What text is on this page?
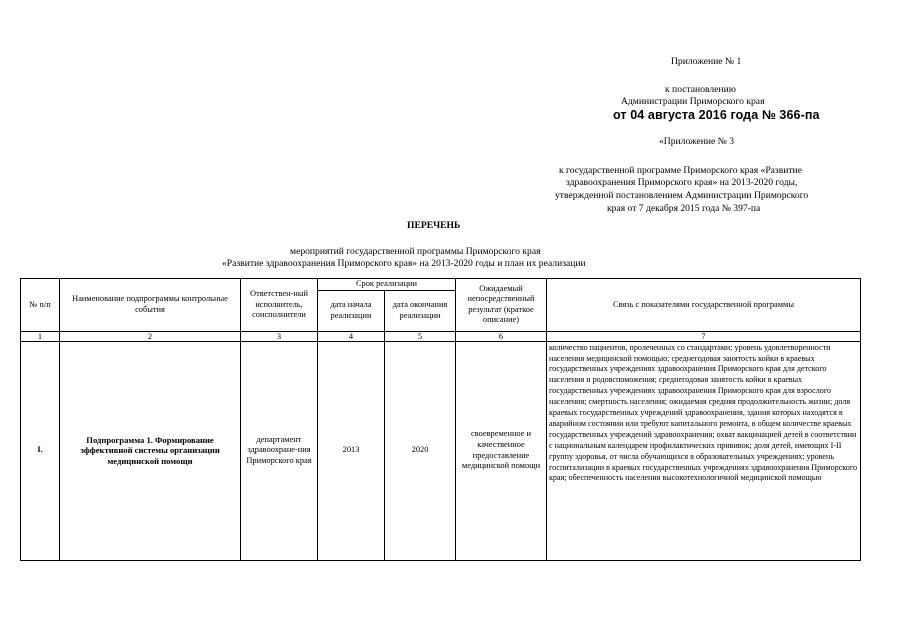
Приложение № 1
к постановлению
Администрации Приморского края
от 04 августа 2016 года № 366-па
«Приложение № 3
к государственной программе Приморского края «Развитие
здравоохранения Приморского края» на 2013-2020 годы,
утвержденной постановлением Администрации Приморского
края от 7 декабря 2015 года № 397-па
ПЕРЕЧЕНЬ
мероприятий государственной программы Приморского края
«Развитие здравоохранения Приморского края» на 2013-2020 годы и план их реализации
№ п/п	Наименование подпрограммы контрольные события	Ответствен-ный исполнитель, соисполнители	Срок реализации		Ожидаемый непосредственный результат (краткое описание)	Связь с показателями государственной программы
			дата начала реализации	дата окончания реализации		
1	2	3	4	5	6	7
I.	Подпрограмма 1. Формирование эффективной системы организации медицинской помощи	департамент здравоохране-ния Приморского края	2013	2020	своевременное и качественное предоставление медицинской помощи	количество пациентов, пролеченных со стандартами; уровень удовлетворенности населения медицинской помощью; среднегодовая занятость койки в краевых государственных учреждениях здравоохранения Приморского края для детского населения и родовспоможения; среднегодовая занятость койки в краевых государственных учреждениях здравоохранения Приморского края для взрослого населения; смертность населения; ожидаемая средняя продолжительность жизни; доля краевых государственных учреждений здравоохранения, здания которых находятся в аварийном состоянии или требуют капитального ремонта, в общем количестве краевых государственных учреждений здравоохранения; охват вакцинацией детей в соответствии с национальным календарем профилактических прививок; доля детей, имеющих I-II группу здоровья, от числа обучающихся в образовательных учреждениях; уровень госпитализации в краевых государственных учреждениях здравоохранения Приморского края; обеспеченность населения высокотехнологичной медицинской помощью
